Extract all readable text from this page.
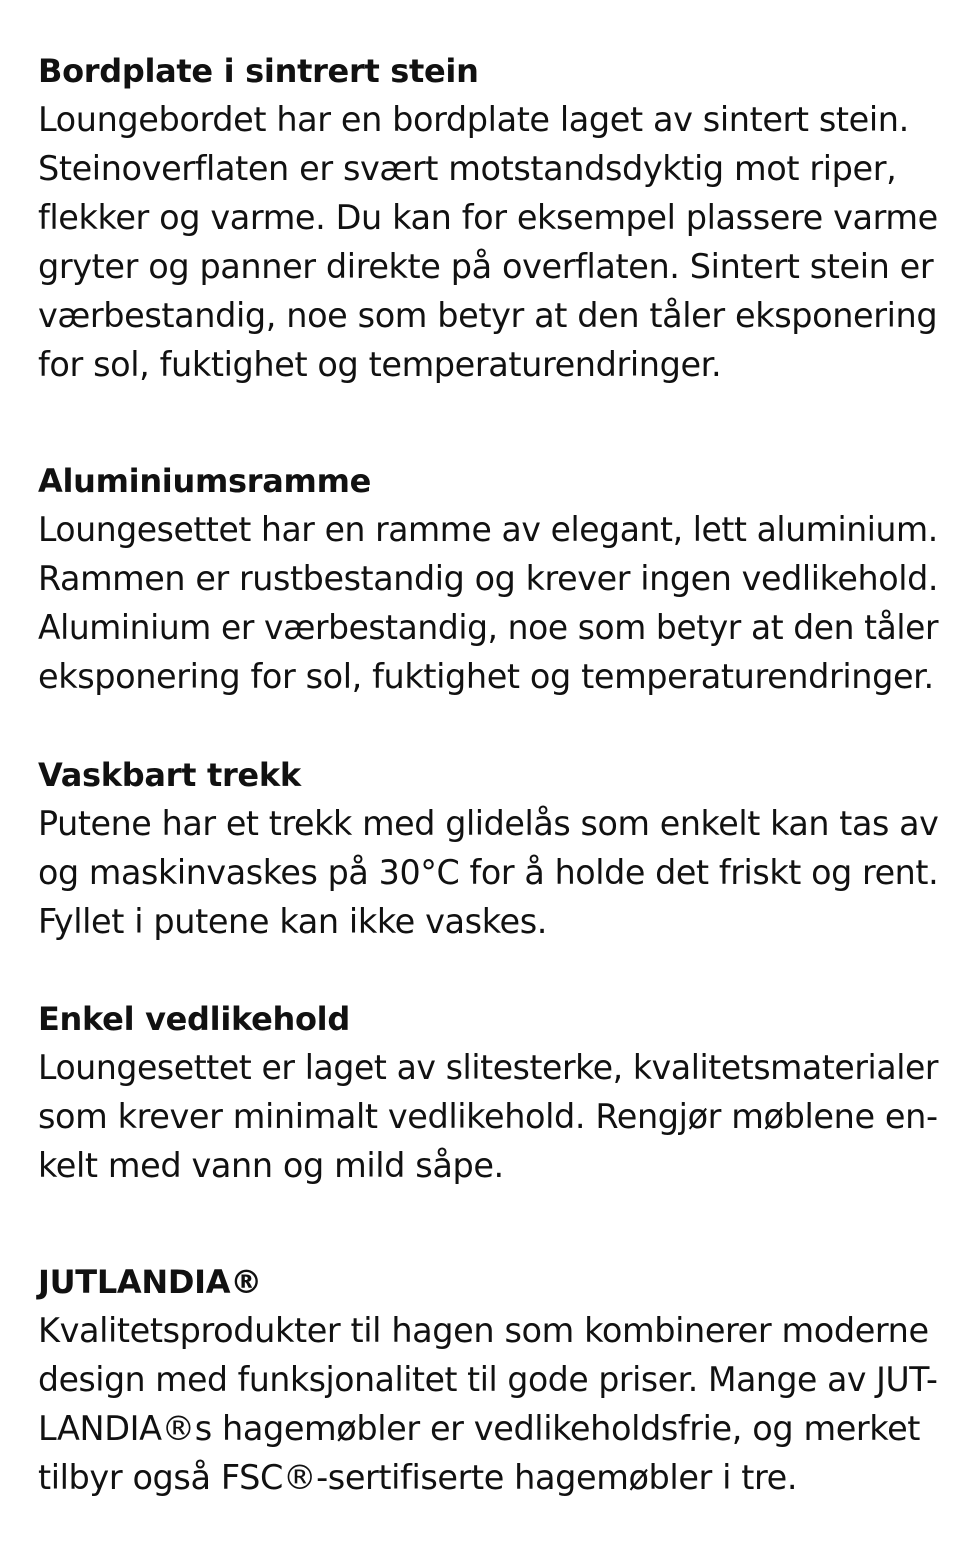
Bordplate i sintrert stein
Loungebordet har en bordplate laget av sintert stein.
Steinoverflaten er svært motstandsdyktig mot riper,
flekker og varme. Du kan for eksempel plassere varme
gryter og panner direkte på overflaten. Sintert stein er
værbestandig, noe som betyr at den tåler eksponering
for sol, fuktighet og temperaturendringer.
Aluminiumsramme
Loungesettet har en ramme av elegant, lett aluminium.
Rammen er rustbestandig og krever ingen vedlikehold.
Aluminium er værbestandig, noe som betyr at den tåler
eksponering for sol, fuktighet og temperaturendringer.
Vaskbart trekk
Putene har et trekk med glidelås som enkelt kan tas av
og maskinvaskes på 30°C for å holde det friskt og rent.
Fyllet i putene kan ikke vaskes.
Enkel vedlikehold
Loungesettet er laget av slitesterke, kvalitetsmaterialer
som krever minimalt vedlikehold. Rengjør møblene en-
kelt med vann og mild såpe.
JUTLANDIA®
Kvalitetsprodukter til hagen som kombinerer moderne
design med funksjonalitet til gode priser. Mange av JUT-
LANDIA®s hagemøbler er vedlikeholdsfrie, og merket
tilbyr også FSC®-sertifiserte hagemøbler i tre.
